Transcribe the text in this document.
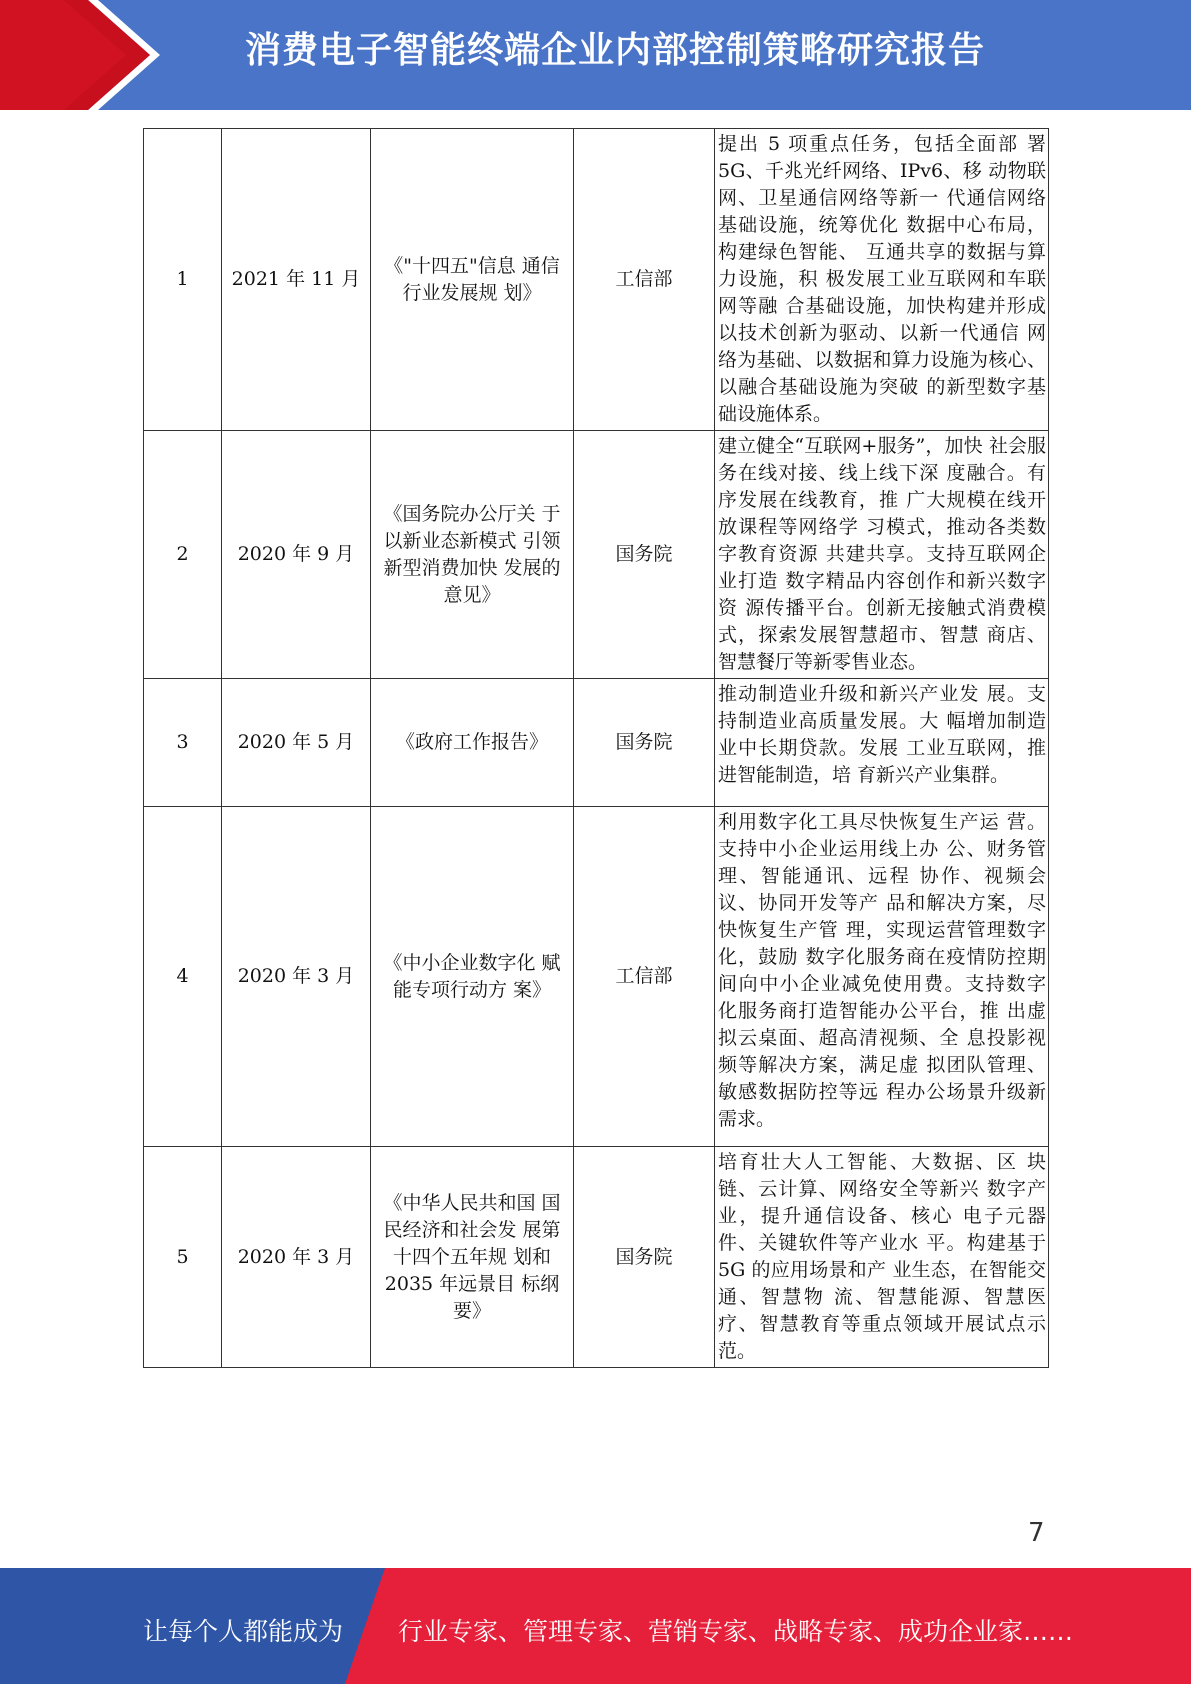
消费电子智能终端企业内部控制策略研究报告
1	2021 年 11 月	《"十四五"信息 通信行业发展规 划》	工信部	提出 5 项重点任务，包括全面部 署 5G、千兆光纤网络、IPv6、移 动物联网、卫星通信网络等新一 代通信网络基础设施，统筹优化 数据中心布局，构建绿色智能、 互通共享的数据与算力设施，积 极发展工业互联网和车联网等融 合基础设施，加快构建并形成以技术创新为驱动、以新一代通信 网络为基础、以数据和算力设施为核心、以融合基础设施为突破 的新型数字基础设施体系。
2	2020 年 9 月	《国务院办公厅关 于以新业态新模式 引领新型消费加快 发展的意见》	国务院	建立健全“互联网+服务”，加快 社会服务在线对接、线上线下深 度融合。有序发展在线教育，推 广大规模在线开放课程等网络学 习模式，推动各类数字教育资源 共建共享。支持互联网企业打造 数字精品内容创作和新兴数字资 源传播平台。创新无接触式消费模式，探索发展智慧超市、智慧 商店、智慧餐厅等新零售业态。
3	2020 年 5 月	《政府工作报告》	国务院	推动制造业升级和新兴产业发 展。支持制造业高质量发展。大 幅增加制造业中长期贷款。发展 工业互联网，推进智能制造，培 育新兴产业集群。
4	2020 年 3 月	《中小企业数字化 赋能专项行动方 案》	工信部	利用数字化工具尽快恢复生产运 营。支持中小企业运用线上办 公、财务管理、智能通讯、远程 协作、视频会议、协同开发等产 品和解决方案，尽快恢复生产管 理，实现运营管理数字化，鼓励 数字化服务商在疫情防控期间向中小企业减免使用费。支持数字 化服务商打造智能办公平台，推 出虚拟云桌面、超高清视频、全 息投影视频等解决方案，满足虚 拟团队管理、敏感数据防控等远 程办公场景升级新需求。
5	2020 年 3 月	《中华人民共和国 国民经济和社会发 展第十四个五年规 划和 2035 年远景目 标纲要》	国务院	培育壮大人工智能、大数据、区 块链、云计算、网络安全等新兴 数字产业，提升通信设备、核心 电子元器件、关键软件等产业水 平。构建基于 5G 的应用场景和产 业生态，在智能交通、智慧物 流、智慧能源、智慧医疗、智慧教育等重点领域开展试点示范。
7
让每个人都能成为 行业专家、管理专家、营销专家、战略专家、成功企业家……
